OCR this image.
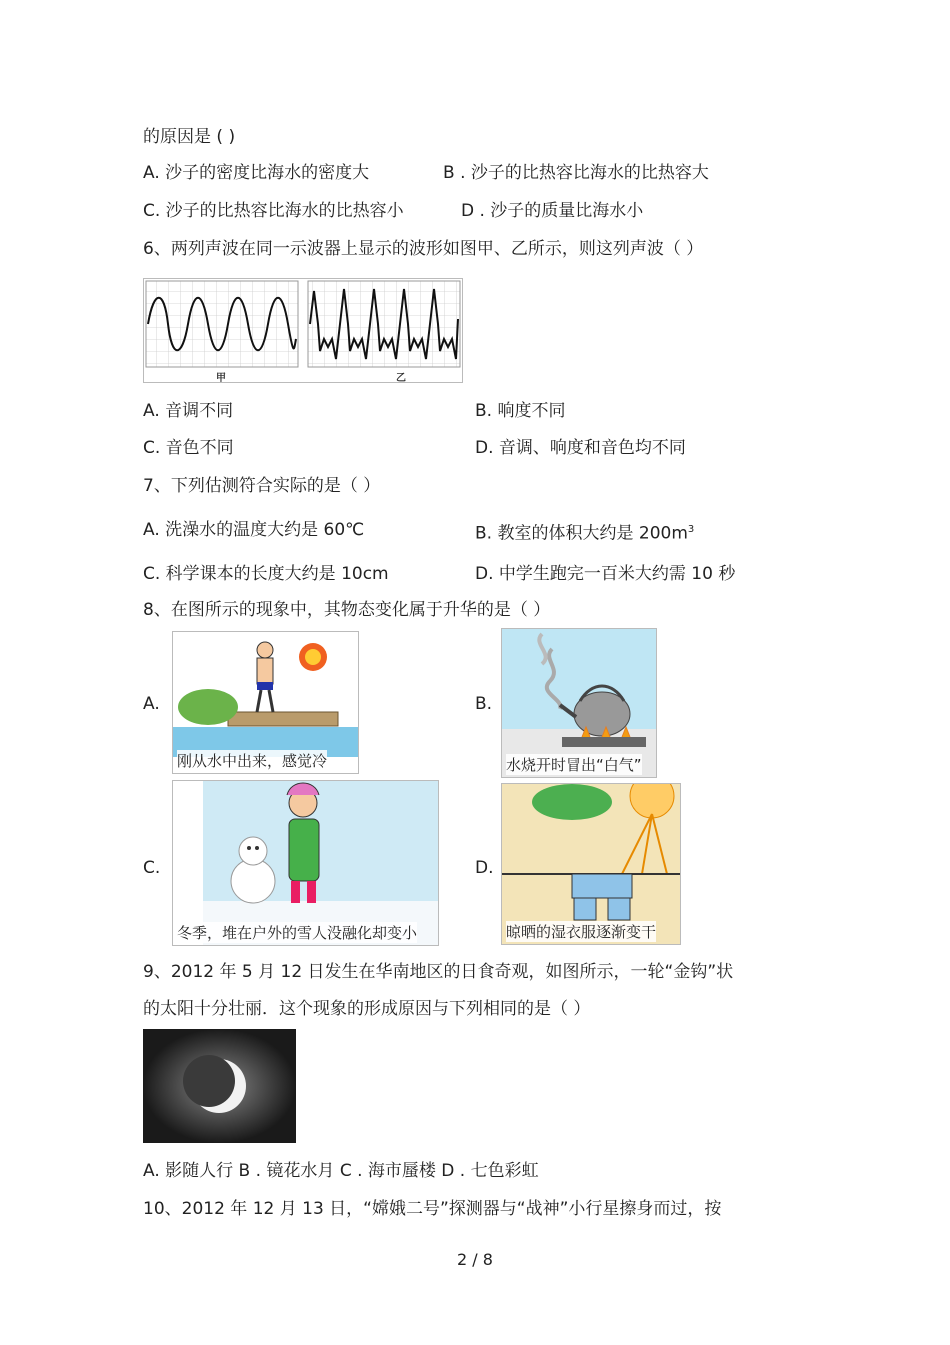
的原因是 ( )
A. 沙子的密度比海水的密度大	B . 沙子的比热容比海水的比热容大
C. 沙子的比热容比海水的比热容小	D . 沙子的质量比海水小
6、两列声波在同一示波器上显示的波形如图甲、乙所示，则这列声波（ ）
甲	乙
A. 音调不同	B. 响度不同
C. 音色不同	D. 音调、响度和音色均不同
7、下列估测符合实际的是（ ）
A. 洗澡水的温度大约是 60℃	B. 教室的体积大约是 $200m^3$
C. 科学课本的长度大约是 10cm	D. 中学生跑完一百米大约需 10 秒
8、在图所示的现象中，其物态变化属于升华的是（ ）
A.
刚从水中出来，感觉冷
B.
水烧开时冒出“白气”
C.
冬季，堆在户外的雪人没融化却变小
D.
晾晒的湿衣服逐渐变干
9、2012 年 5 月 12 日发生在华南地区的日食奇观，如图所示，一轮“金钩”状
的太阳十分壮丽．这个现象的形成原因与下列相同的是（ ）
A. 影随人行 B . 镜花水月 C . 海市蜃楼 D . 七色彩虹
10、2012 年 12 月 13 日，“嫦娥二号”探测器与“战神”小行星擦身而过，按
2 / 8
